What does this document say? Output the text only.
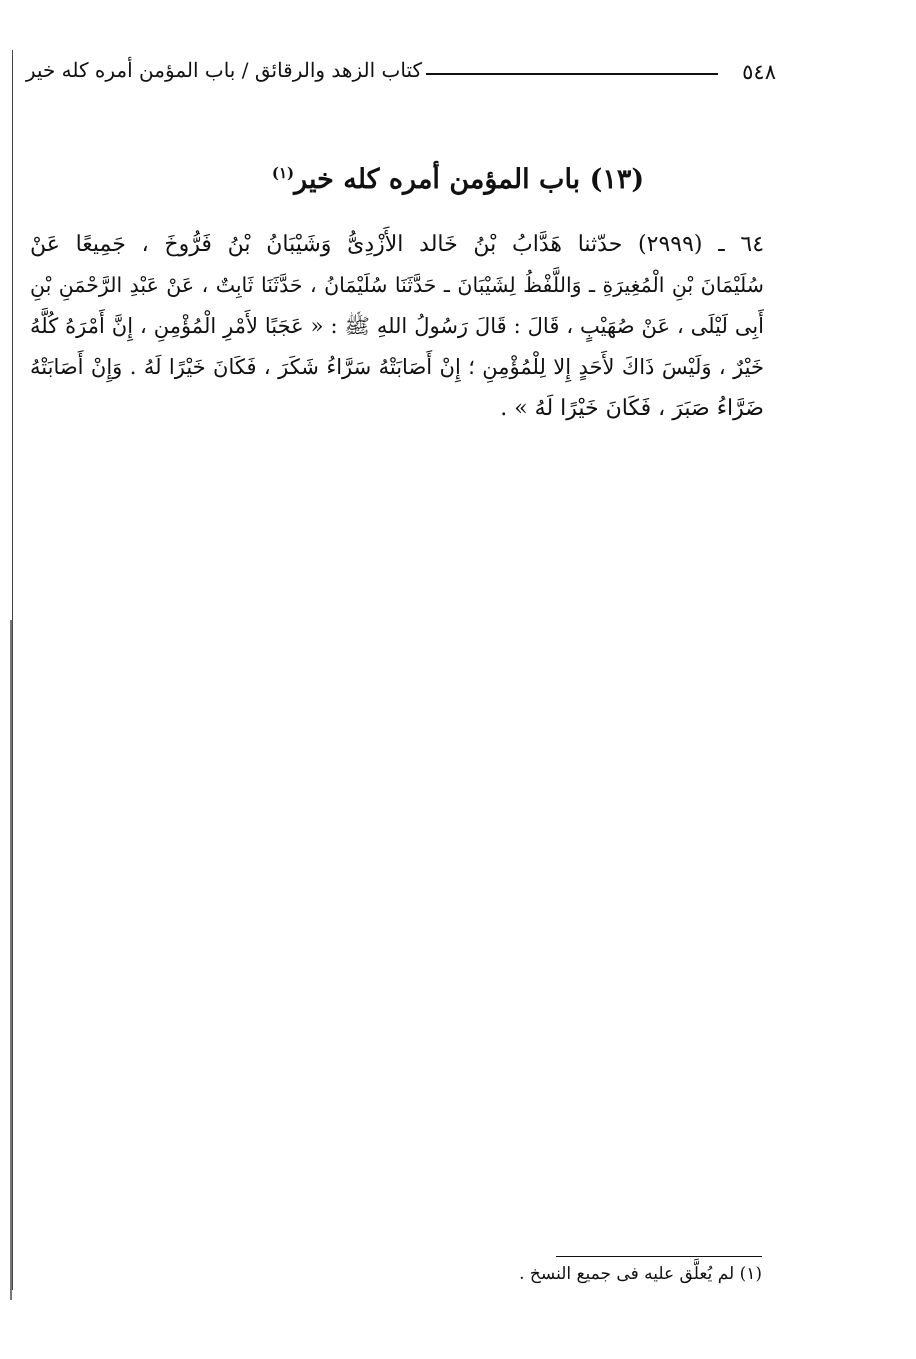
٥٤٨
كتاب الزهد والرقائق / باب المؤمن أمره كله خير
(١٣) باب المؤمن أمره كله خير$^{(١)}$
٦٤ ـ (٢٩٩٩) حدّثنا هَدَّابُ بْنُ خَالد الأَزْدِىُّ وَشَيْبَانُ بْنُ فَرُّوخَ ، جَمِيعًا عَنْ
سُلَيْمَانَ بْنِ الْمُغِيرَةِ ـ وَاللَّفْظُ لِشَيْبَانَ ـ حَدَّثَنَا سُلَيْمَانُ ، حَدَّثَنَا ثَابِتٌ ، عَنْ عَبْدِ الرَّحْمَنِ بْنِ
أَبِى لَيْلَى ، عَنْ صُهَيْبٍ ، قَالَ : قَالَ رَسُولُ اللهِ ﷺ : « عَجَبًا لأَمْرِ الْمُؤْمِنِ ، إِنَّ أَمْرَهُ كُلَّهُ
خَيْرٌ ، وَلَيْسَ ذَاكَ لأَحَدٍ إِلا لِلْمُؤْمِنِ ؛ إِنْ أَصَابَتْهُ سَرَّاءُ شَكَرَ ، فَكَانَ خَيْرًا لَهُ . وَإِنْ أَصَابَتْهُ
ضَرَّاءُ صَبَرَ ، فَكَانَ خَيْرًا لَهُ » .
(١) لم يُعلَّق عليه فى جميع النسخ .
